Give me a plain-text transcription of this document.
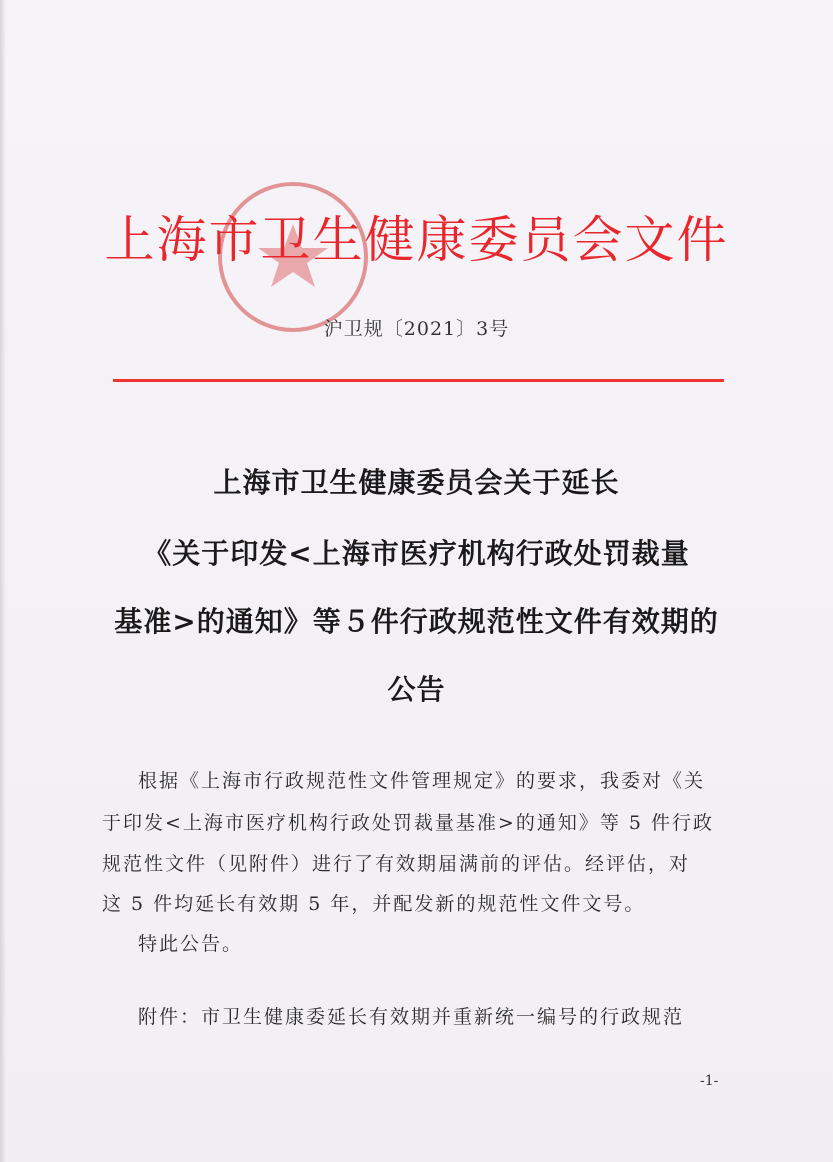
上海市卫生健康委员会文件
沪卫规〔2021〕3号
上海市卫生健康委员会关于延长
《关于印发<上海市医疗机构行政处罚裁量
基准>的通知》等５件行政规范性文件有效期的
公告
根据《上海市行政规范性文件管理规定》的要求，我委对《关
于印发<上海市医疗机构行政处罚裁量基准>的通知》等 5 件行政
规范性文件（见附件）进行了有效期届满前的评估。经评估，对
这 5 件均延长有效期 5 年，并配发新的规范性文件文号。
特此公告。
附件：市卫生健康委延长有效期并重新统一编号的行政规范
-1-
